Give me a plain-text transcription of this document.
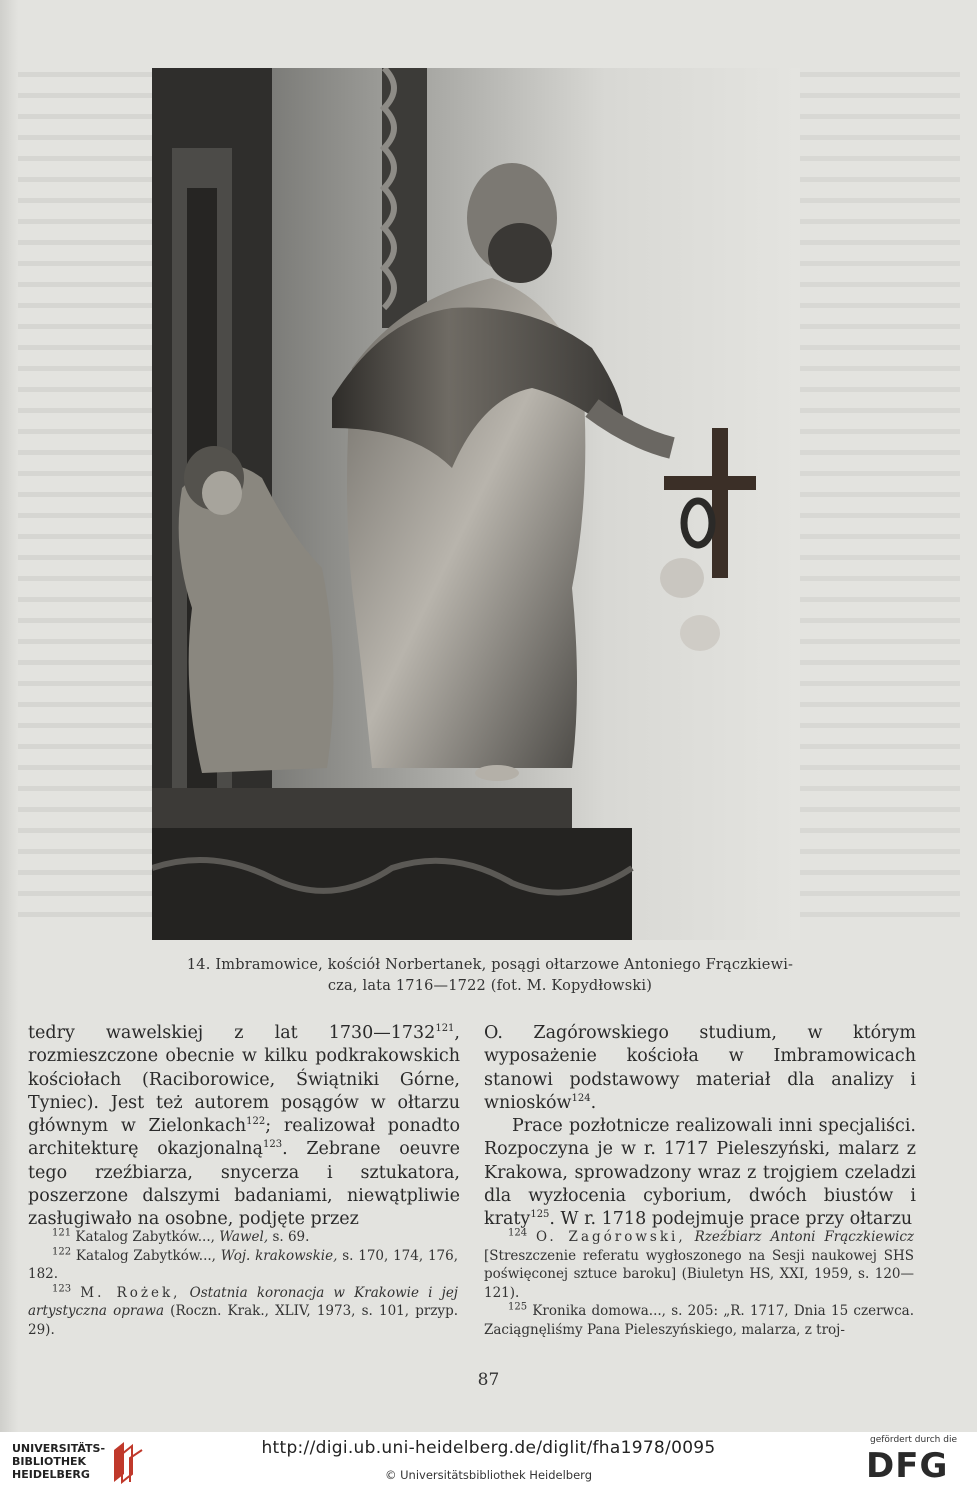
14. Imbramowice, kościół Norbertanek, posągi ołtarzowe Antoniego Frączkiewi-
cza, lata 1716—1722 (fot. M. Kopydłowski)

tedry wawelskiej z lat 1730—1732$^{121}$, rozmieszczone obecnie w kilku podkrakowskich kościołach (Raciborowice, Świątniki Górne, Tyniec). Jest też autorem posągów w ołtarzu głównym w Zielonkach$^{122}$; realizował ponadto architekturę okazjonalną$^{123}$. Zebrane oeuvre tego rzeźbiarza, snycerza i sztukatora, poszerzone dalszymi badaniami, niewątpliwie zasługiwało na osobne, podjęte przez

O. Zagórowskiego studium, w którym wyposażenie kościoła w Imbramowicach stanowi podstawowy materiał dla analizy i wniosków$^{124}$.

Prace pozłotnicze realizowali inni specjaliści. Rozpoczyna je w r. 1717 Pieleszyński, malarz z Krakowa, sprowadzony wraz z trojgiem czeladzi dla wyzłocenia cyborium, dwóch biustów i kraty$^{125}$. W r. 1718 podejmuje prace przy ołtarzu

$^{121}$ Katalog Zabytków..., Wawel, s. 69.

$^{122}$ Katalog Zabytków..., Woj. krakowskie, s. 170, 174, 176, 182.

$^{123}$ M. Rożek, Ostatnia koronacja w Krakowie i jej artystyczna oprawa (Roczn. Krak., XLIV, 1973, s. 101, przyp. 29).

$^{124}$ O. Zagórowski, Rzeźbiarz Antoni Frączkiewicz [Streszczenie referatu wygłoszonego na Sesji naukowej SHS poświęconej sztuce baroku] (Biuletyn HS, XXI, 1959, s. 120—121).

$^{125}$ Kronika domowa..., s. 205: „R. 1717, Dnia 15 czerwca. Zaciągnęliśmy Pana Pieleszyńskiego, malarza, z troj-

87
UNIVERSITÄTS-
BIBLIOTHEK
HEIDELBERG
http://digi.ub.uni-heidelberg.de/diglit/fha1978/0095
© Universitätsbibliothek Heidelberg
gefördert durch die
DFG
